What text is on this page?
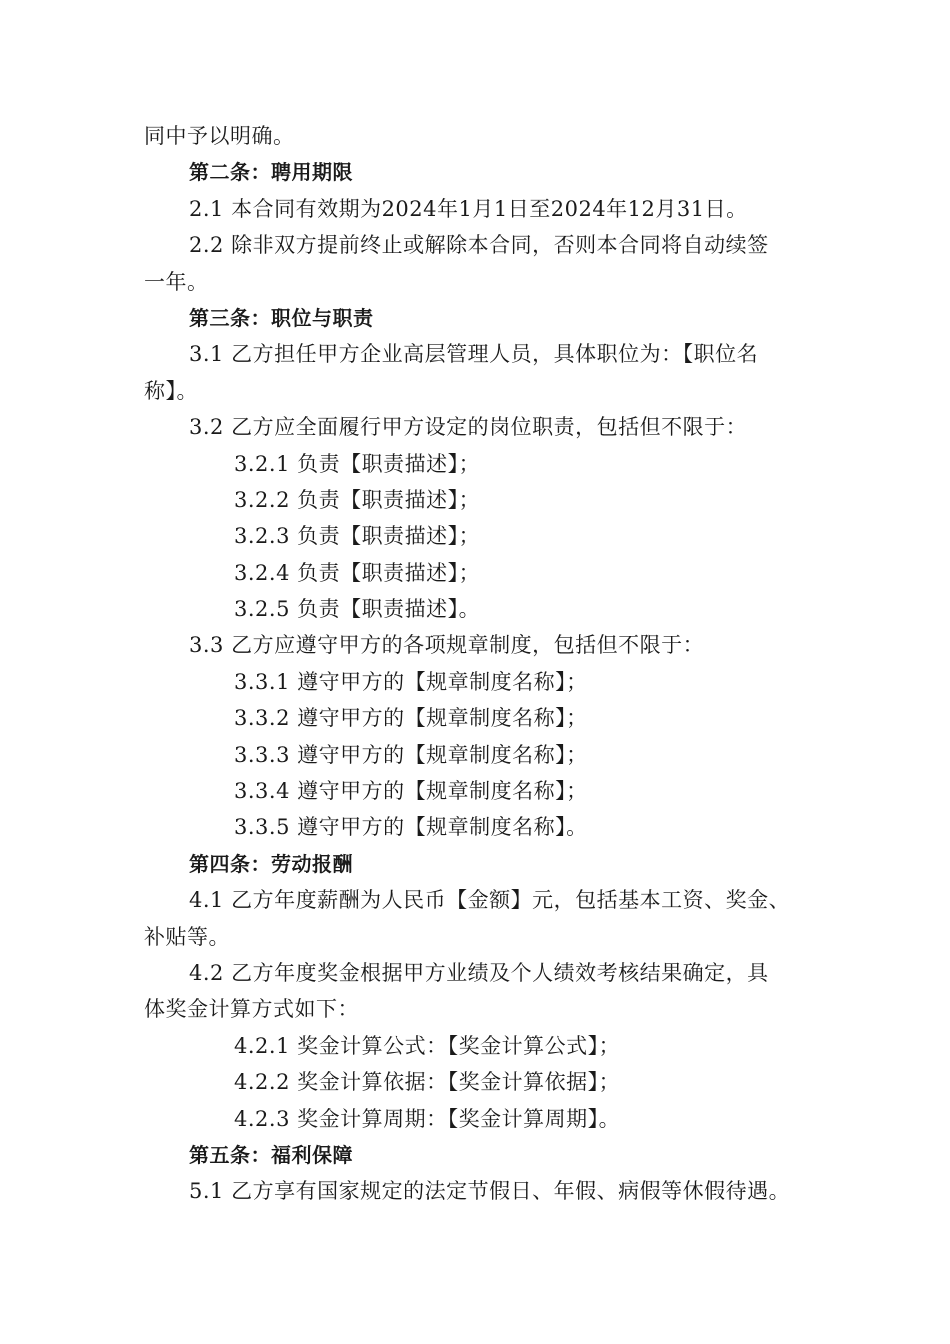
同中予以明确。
第二条：聘用期限
2.1 本合同有效期为2024年1月1日至2024年12月31日。
2.2 除非双方提前终止或解除本合同，否则本合同将自动续签
一年。
第三条：职位与职责
3.1 乙方担任甲方企业高层管理人员，具体职位为：【职位名
称】。
3.2 乙方应全面履行甲方设定的岗位职责，包括但不限于：
3.2.1 负责【职责描述】；
3.2.2 负责【职责描述】；
3.2.3 负责【职责描述】；
3.2.4 负责【职责描述】；
3.2.5 负责【职责描述】。
3.3 乙方应遵守甲方的各项规章制度，包括但不限于：
3.3.1 遵守甲方的【规章制度名称】；
3.3.2 遵守甲方的【规章制度名称】；
3.3.3 遵守甲方的【规章制度名称】；
3.3.4 遵守甲方的【规章制度名称】；
3.3.5 遵守甲方的【规章制度名称】。
第四条：劳动报酬
4.1 乙方年度薪酬为人民币【金额】元，包括基本工资、奖金、
补贴等。
4.2 乙方年度奖金根据甲方业绩及个人绩效考核结果确定，具
体奖金计算方式如下：
4.2.1 奖金计算公式：【奖金计算公式】；
4.2.2 奖金计算依据：【奖金计算依据】；
4.2.3 奖金计算周期：【奖金计算周期】。
第五条：福利保障
5.1 乙方享有国家规定的法定节假日、年假、病假等休假待遇。
